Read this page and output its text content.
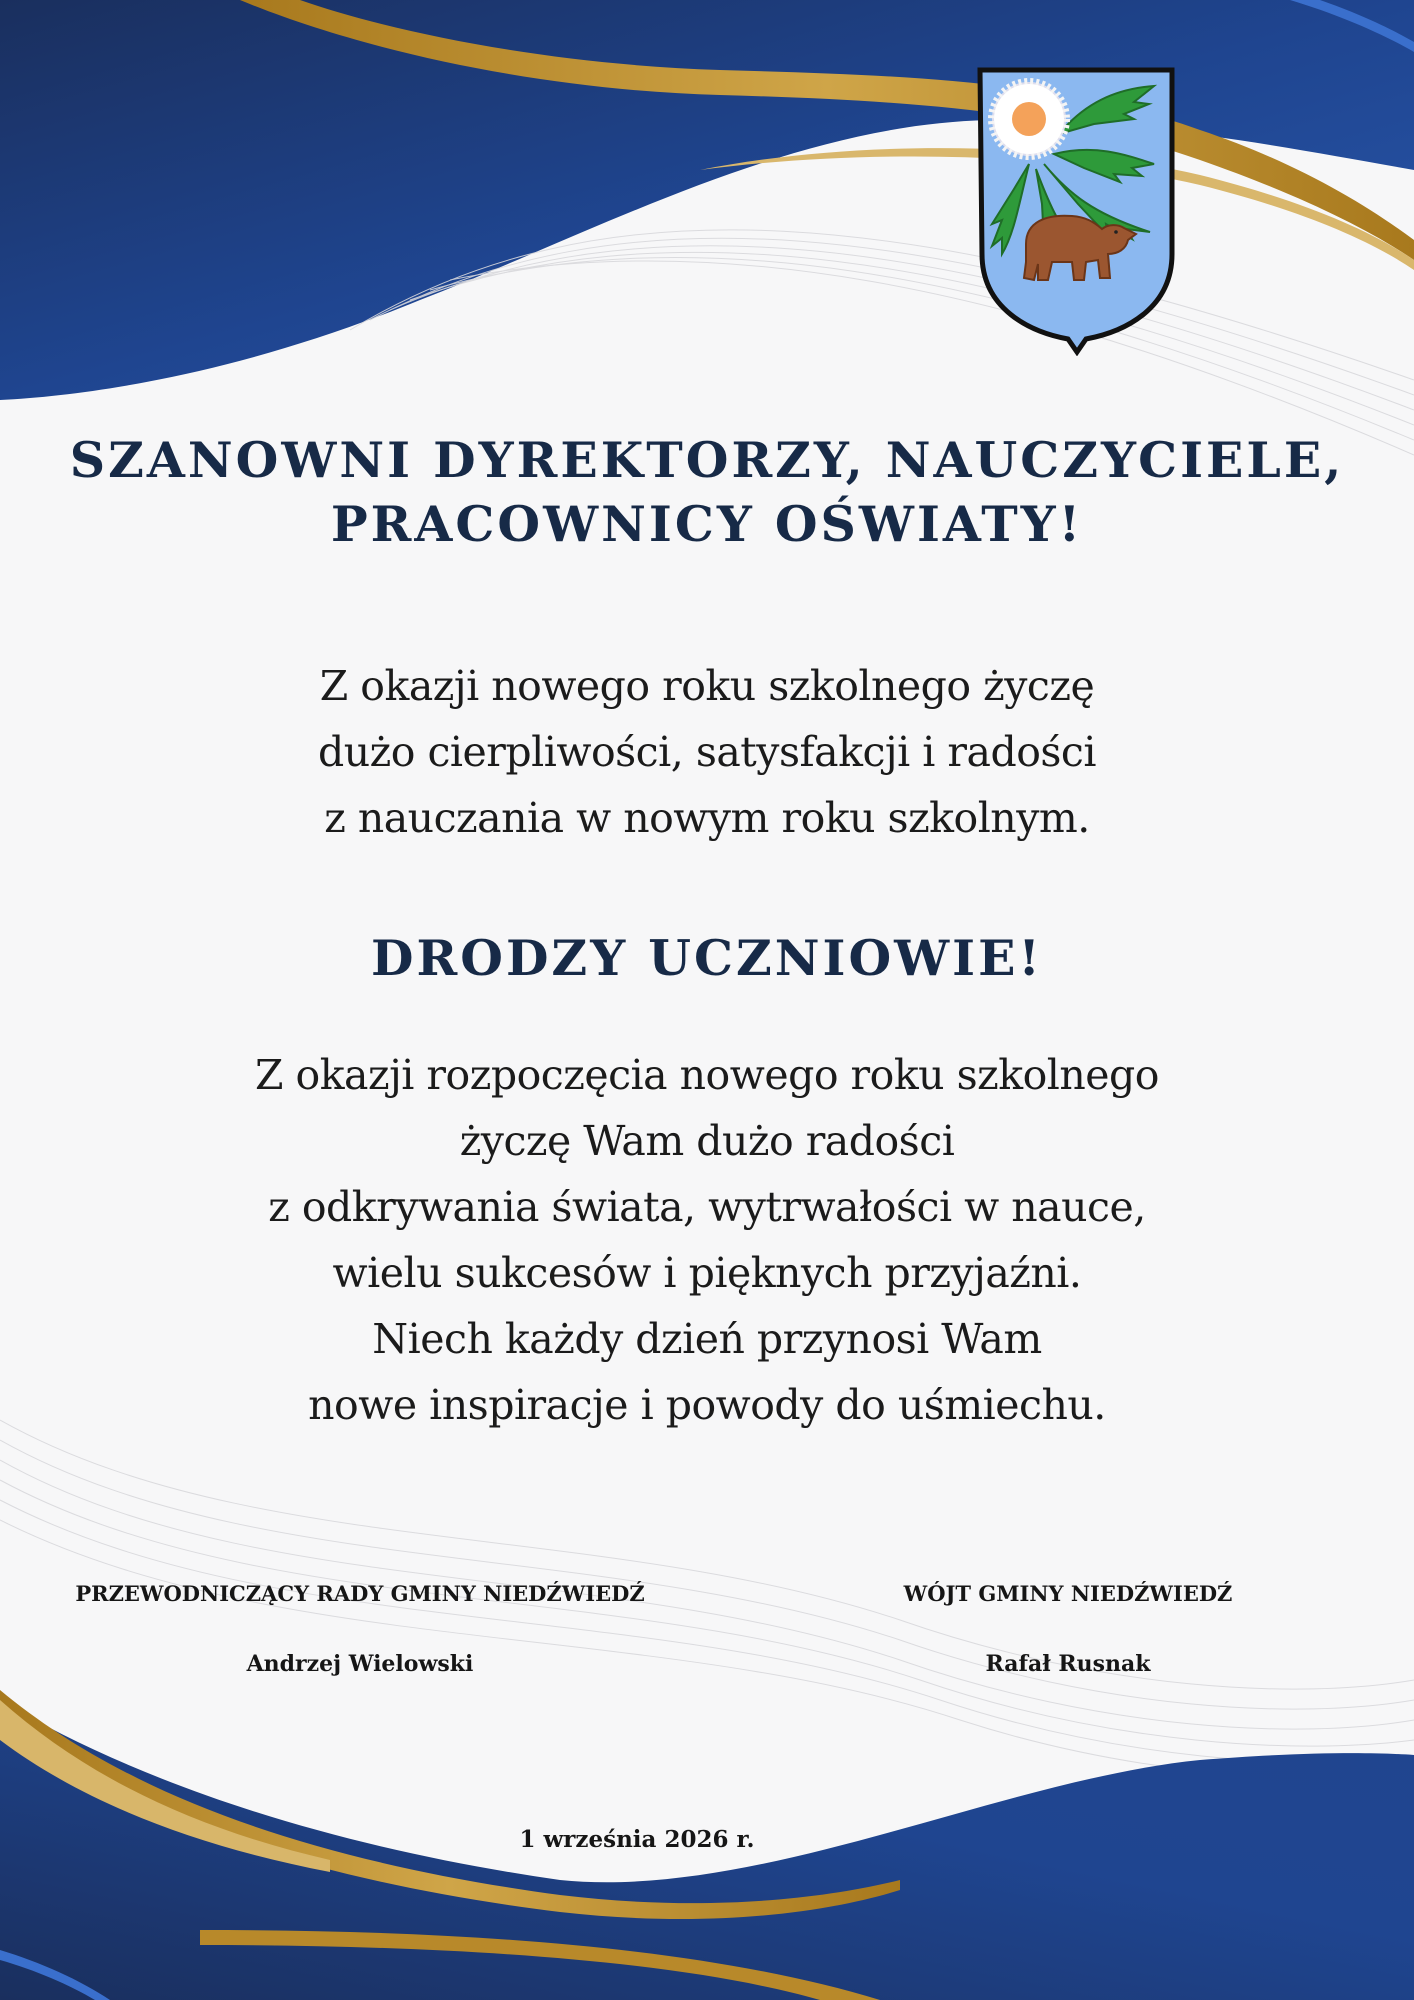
SZANOWNI DYREKTORZY, NAUCZYCIELE,
PRACOWNICY OŚWIATY!
Z okazji nowego roku szkolnego życzę
dużo cierpliwości, satysfakcji i radości
z nauczania w nowym roku szkolnym.
DRODZY UCZNIOWIE!
Z okazji rozpoczęcia nowego roku szkolnego
życzę Wam dużo radości
z odkrywania świata, wytrwałości w nauce,
wielu sukcesów i pięknych przyjaźni.
Niech każdy dzień przynosi Wam
nowe inspiracje i powody do uśmiechu.
PRZEWODNICZĄCY RADY GMINY NIEDŹWIEDŹ
Andrzej Wielowski
WÓJT GMINY NIEDŹWIEDŹ
Rafał Rusnak
1 września 2026 r.
